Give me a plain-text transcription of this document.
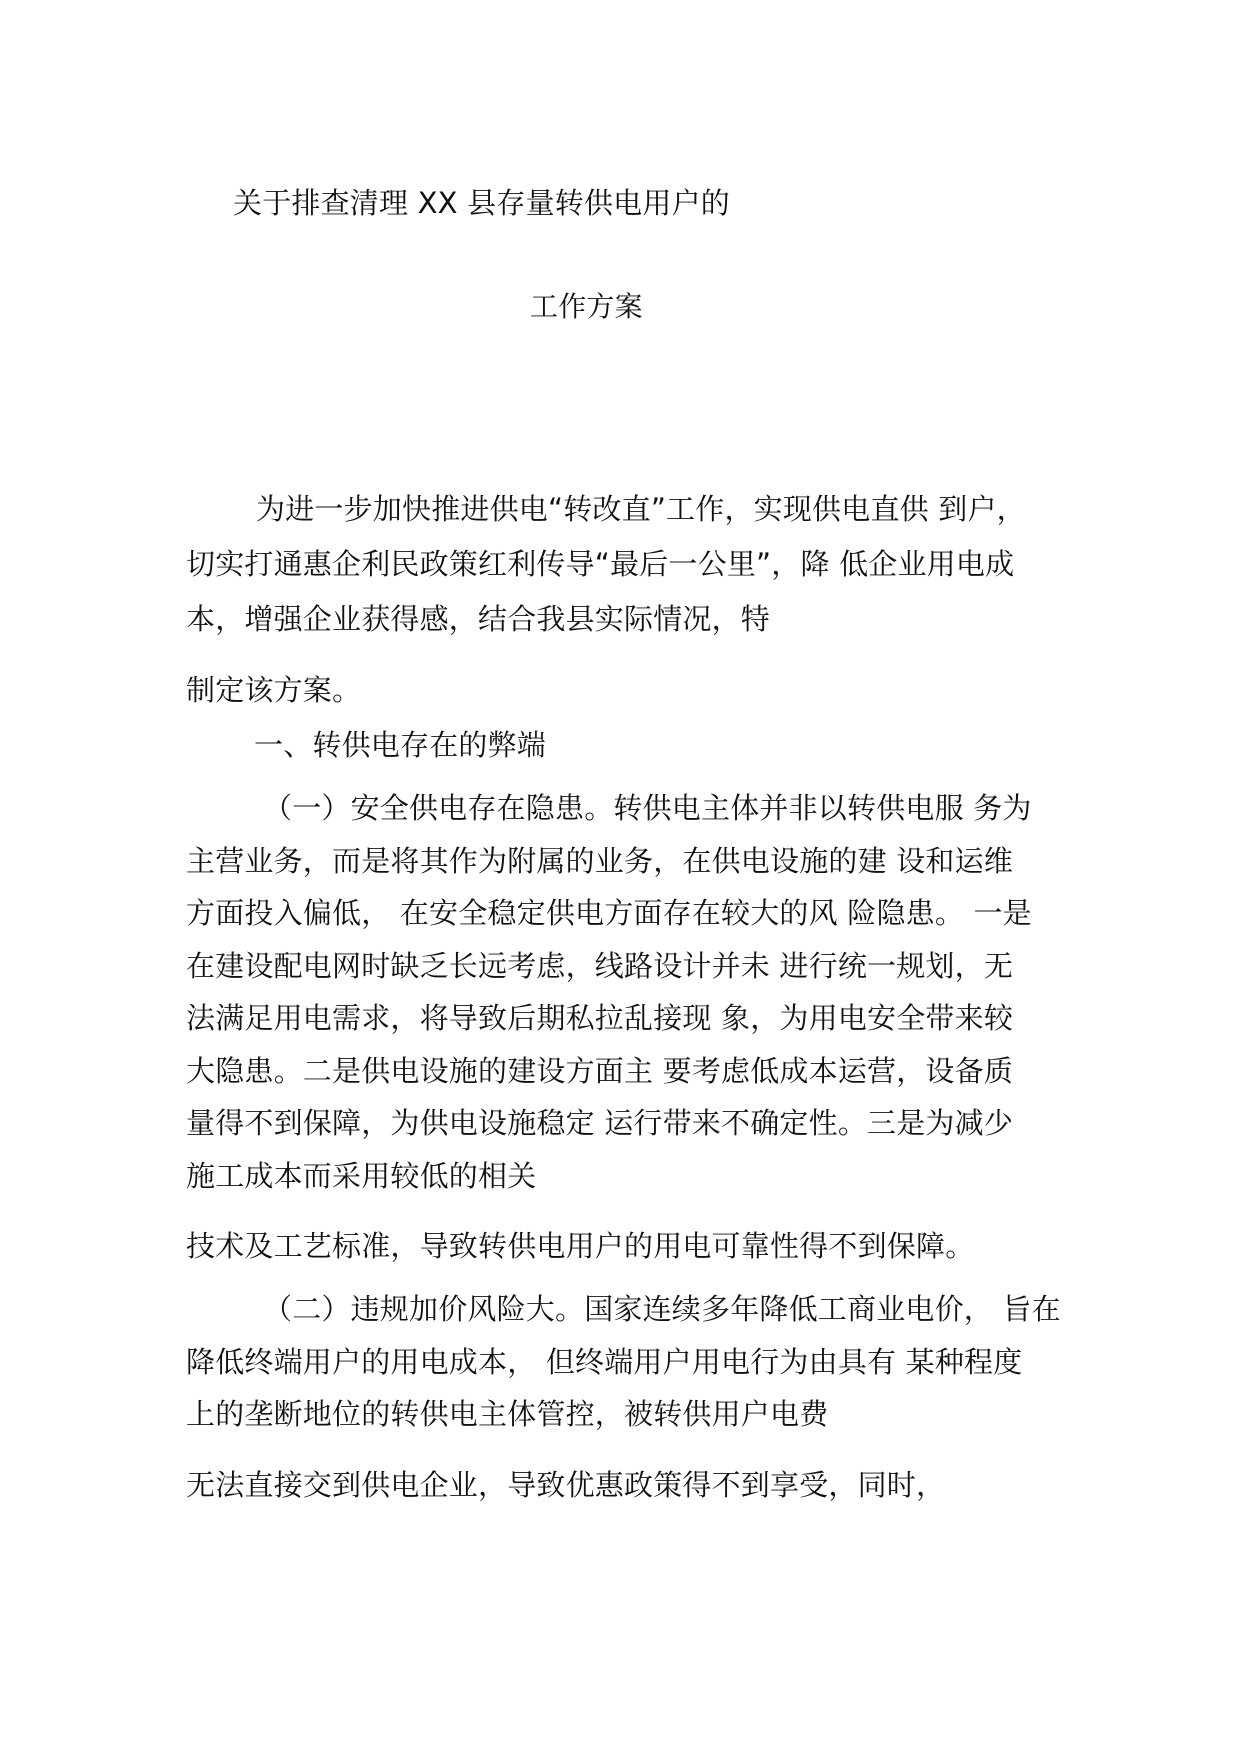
关于排查清理 XX 县存量转供电用户的
工作方案
为进一步加快推进供电“转改直”工作，实现供电直供 到户，
切实打通惠企利民政策红利传导“最后一公里”，降 低企业用电成
本，增强企业获得感，结合我县实际情况，特
制定该方案。
一、转供电存在的弊端
（一）安全供电存在隐患。转供电主体并非以转供电服 务为
主营业务，而是将其作为附属的业务，在供电设施的建 设和运维
方面投入偏低， 在安全稳定供电方面存在较大的风 险隐患。 一是
在建设配电网时缺乏长远考虑，线路设计并未 进行统一规划，无
法满足用电需求，将导致后期私拉乱接现 象，为用电安全带来较
大隐患。二是供电设施的建设方面主 要考虑低成本运营，设备质
量得不到保障，为供电设施稳定 运行带来不确定性。三是为减少
施工成本而采用较低的相关
技术及工艺标准，导致转供电用户的用电可靠性得不到保障。
（二）违规加价风险大。国家连续多年降低工商业电价， 旨在
降低终端用户的用电成本， 但终端用户用电行为由具有 某种程度
上的垄断地位的转供电主体管控，被转供用户电费
无法直接交到供电企业，导致优惠政策得不到享受，同时，
